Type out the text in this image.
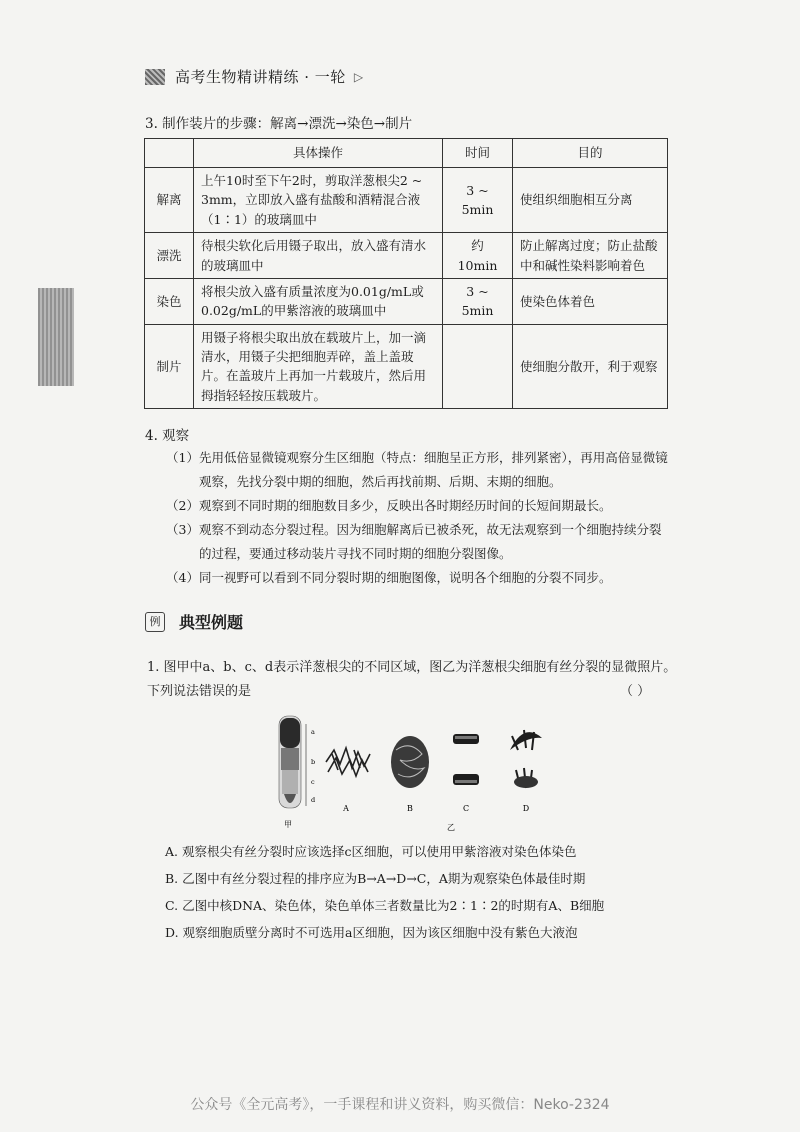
高考生物精讲精练 · 一轮 ▷
3. 制作装片的步骤：解离→漂洗→染色→制片
	具体操作	时间	目的
解离	上午10时至下午2时，剪取洋葱根尖2 ~ 3mm，立即放入盛有盐酸和酒精混合液（1∶1）的玻璃皿中	3 ~ 5min	使组织细胞相互分离
漂洗	待根尖软化后用镊子取出，放入盛有清水的玻璃皿中	约 10min	防止解离过度；防止盐酸中和碱性染料影响着色
染色	将根尖放入盛有质量浓度为0.01g/mL或0.02g/mL的甲紫溶液的玻璃皿中	3 ~ 5min	使染色体着色
制片	用镊子将根尖取出放在载玻片上，加一滴清水，用镊子尖把细胞弄碎，盖上盖玻片。在盖玻片上再加一片载玻片，然后用拇指轻轻按压载玻片。		使细胞分散开，利于观察
4. 观察
（1） 先用低倍显微镜观察分生区细胞（特点：细胞呈正方形，排列紧密），再用高倍显微镜观察，先找分裂中期的细胞，然后再找前期、后期、末期的细胞。
（2） 观察到不同时期的细胞数目多少，反映出各时期经历时间的长短间期最长。
（3） 观察不到动态分裂过程。因为细胞解离后已被杀死，故无法观察到一个细胞持续分裂的过程，要通过移动装片寻找不同时期的细胞分裂图像。
（4） 同一视野可以看到不同分裂时期的细胞图像，说明各个细胞的分裂不同步。
例 典型例题
1. 图甲中a、b、c、d表示洋葱根尖的不同区域，图乙为洋葱根尖细胞有丝分裂的显微照片。下列说法错误的是	（ ）
a
b
c
d
甲
A	B	C	D
乙
A. 观察根尖有丝分裂时应该选择c区细胞，可以使用甲紫溶液对染色体染色
B. 乙图中有丝分裂过程的排序应为B→A→D→C，A期为观察染色体最佳时期
C. 乙图中核DNA、染色体，染色单体三者数量比为2∶1∶2的时期有A、B细胞
D. 观察细胞质壁分离时不可选用a区细胞，因为该区细胞中没有紫色大液泡
公众号《全元高考》，一手课程和讲义资料，购买微信：Neko-2324
